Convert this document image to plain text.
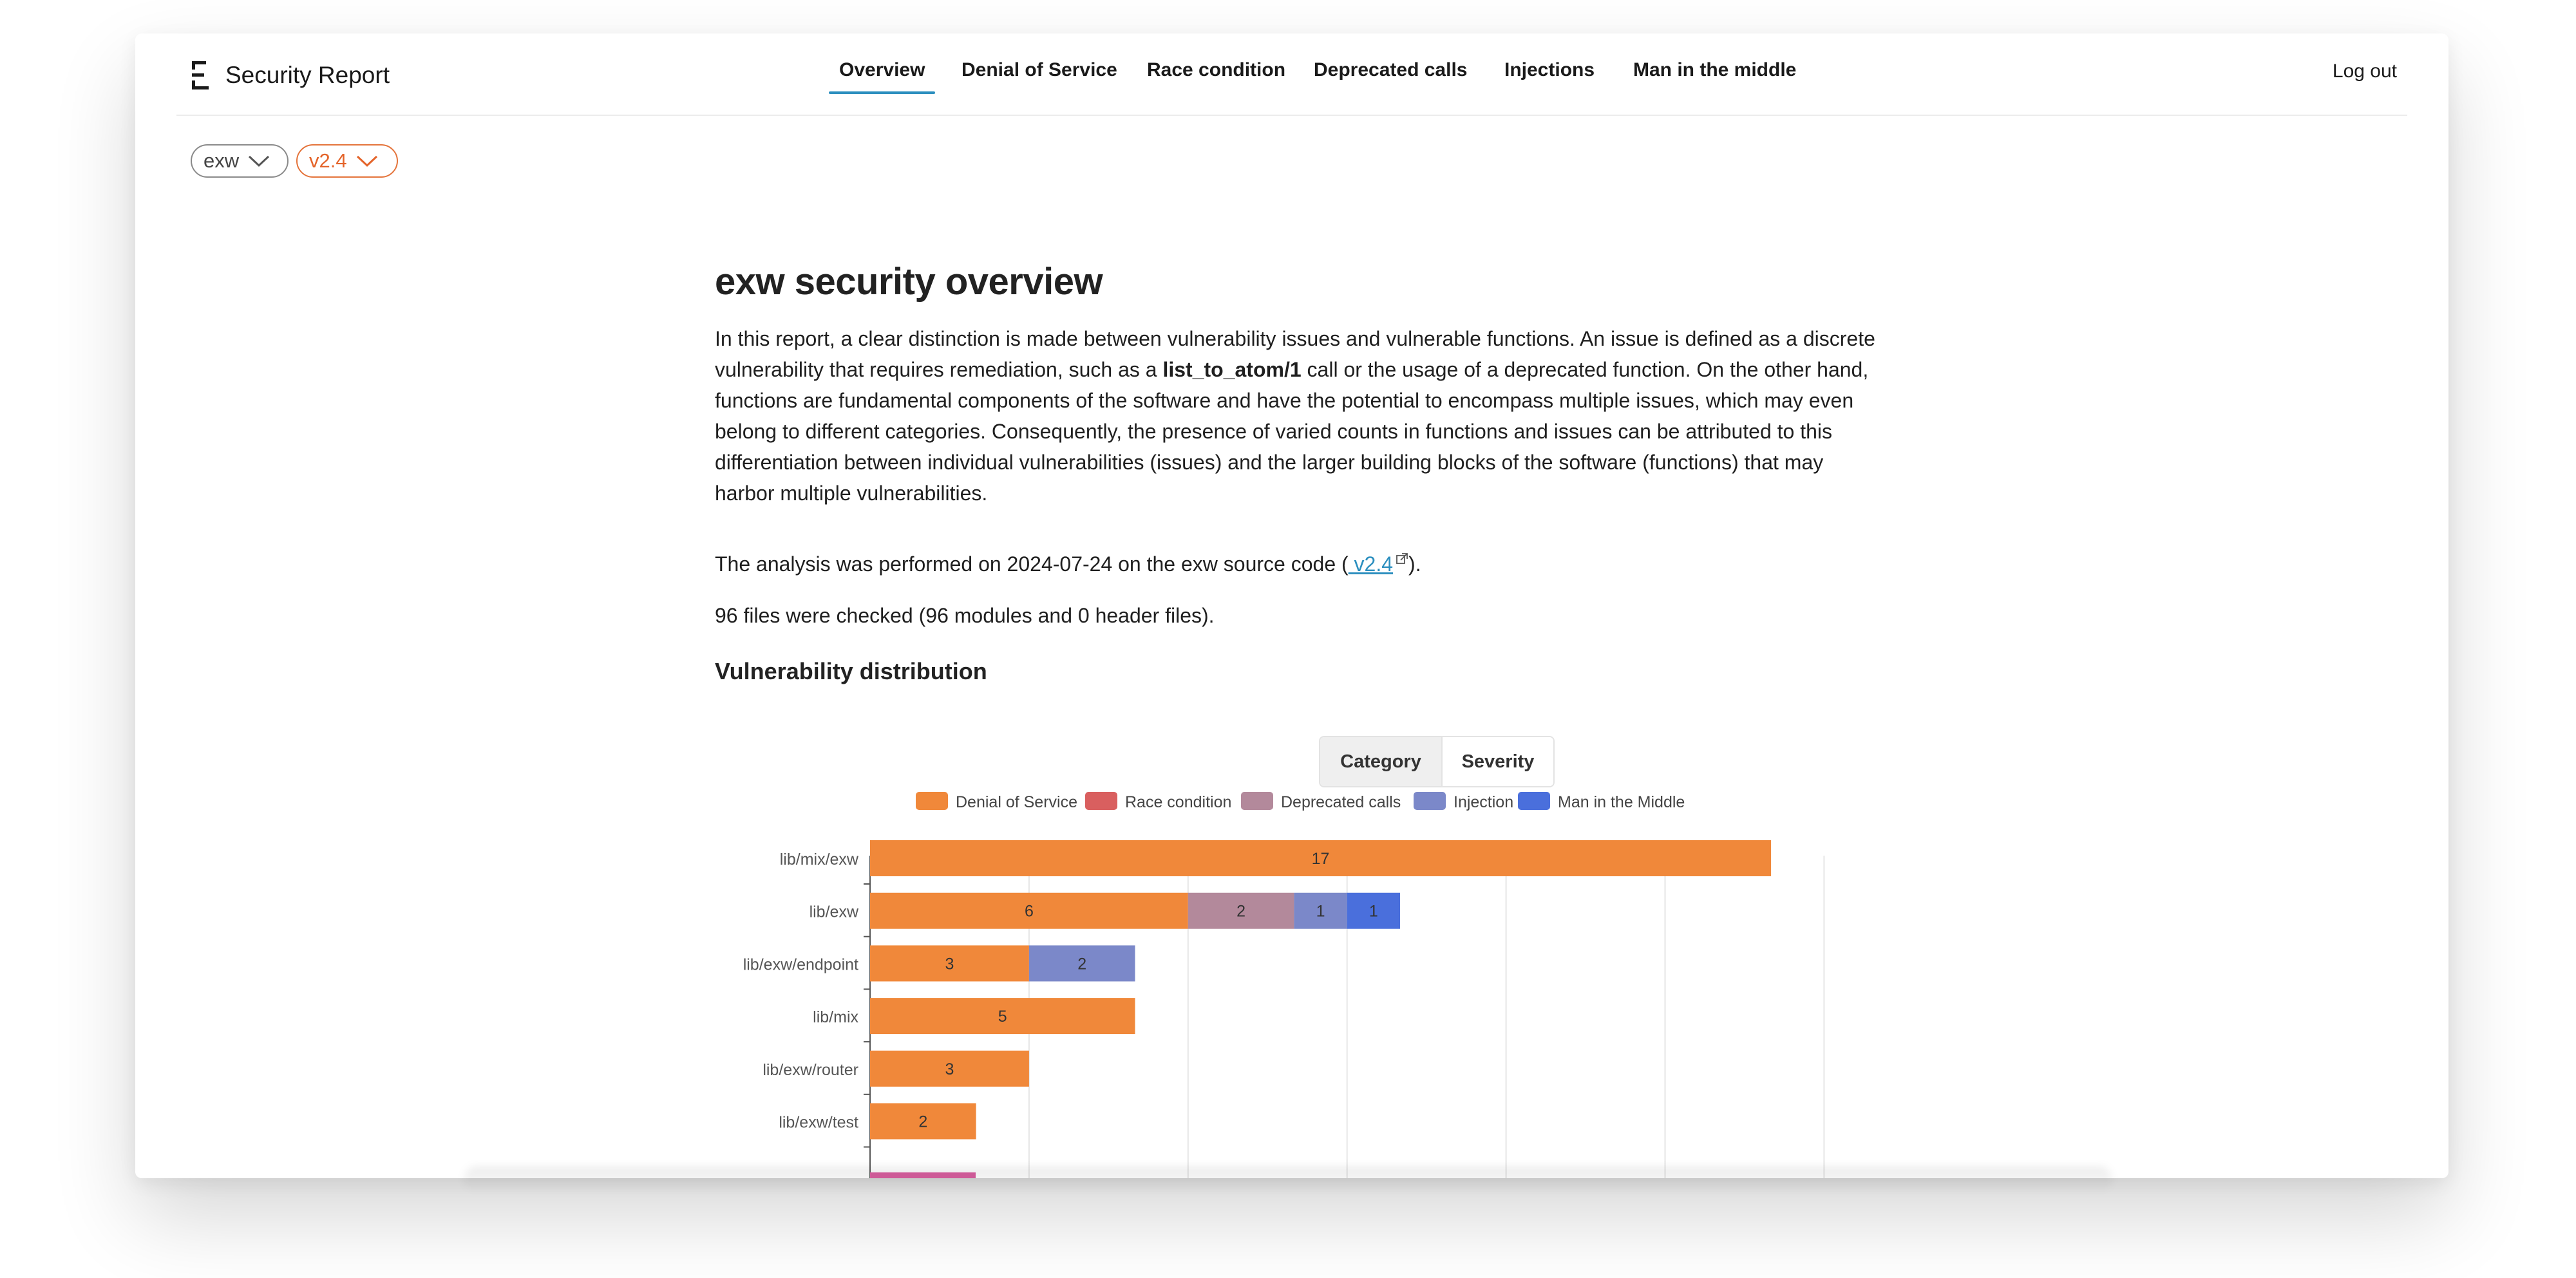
Security Report	Overview Denial of Service Race condition Deprecated calls Injections Man in the middle	Log out
exw	v2.4
exw security overview

In this report, a clear distinction is made between vulnerability issues and vulnerable functions. An issue is defined as a discrete vulnerability that requires remediation, such as a list_to_atom/1 call or the usage of a deprecated function. On the other hand, functions are fundamental components of the software and have the potential to encompass multiple issues, which may even belong to different categories. Consequently, the presence of varied counts in functions and issues can be attributed to this differentiation between individual vulnerabilities (issues) and the larger building blocks of the software (functions) that may harbor multiple vulnerabilities.

The analysis was performed on 2024-07-24 on the exw source code ( v2.4 ).

96 files were checked (96 modules and 0 header files).

Vulnerability distribution
Category	Severity
Denial of Service	Race condition	Deprecated calls	Injection	Man in the Middle
lib/mix/exw	17
lib/exw	6	2	1	1
lib/exw/endpoint	3	2
lib/mix	5
lib/exw/router	3
lib/exw/test	2
